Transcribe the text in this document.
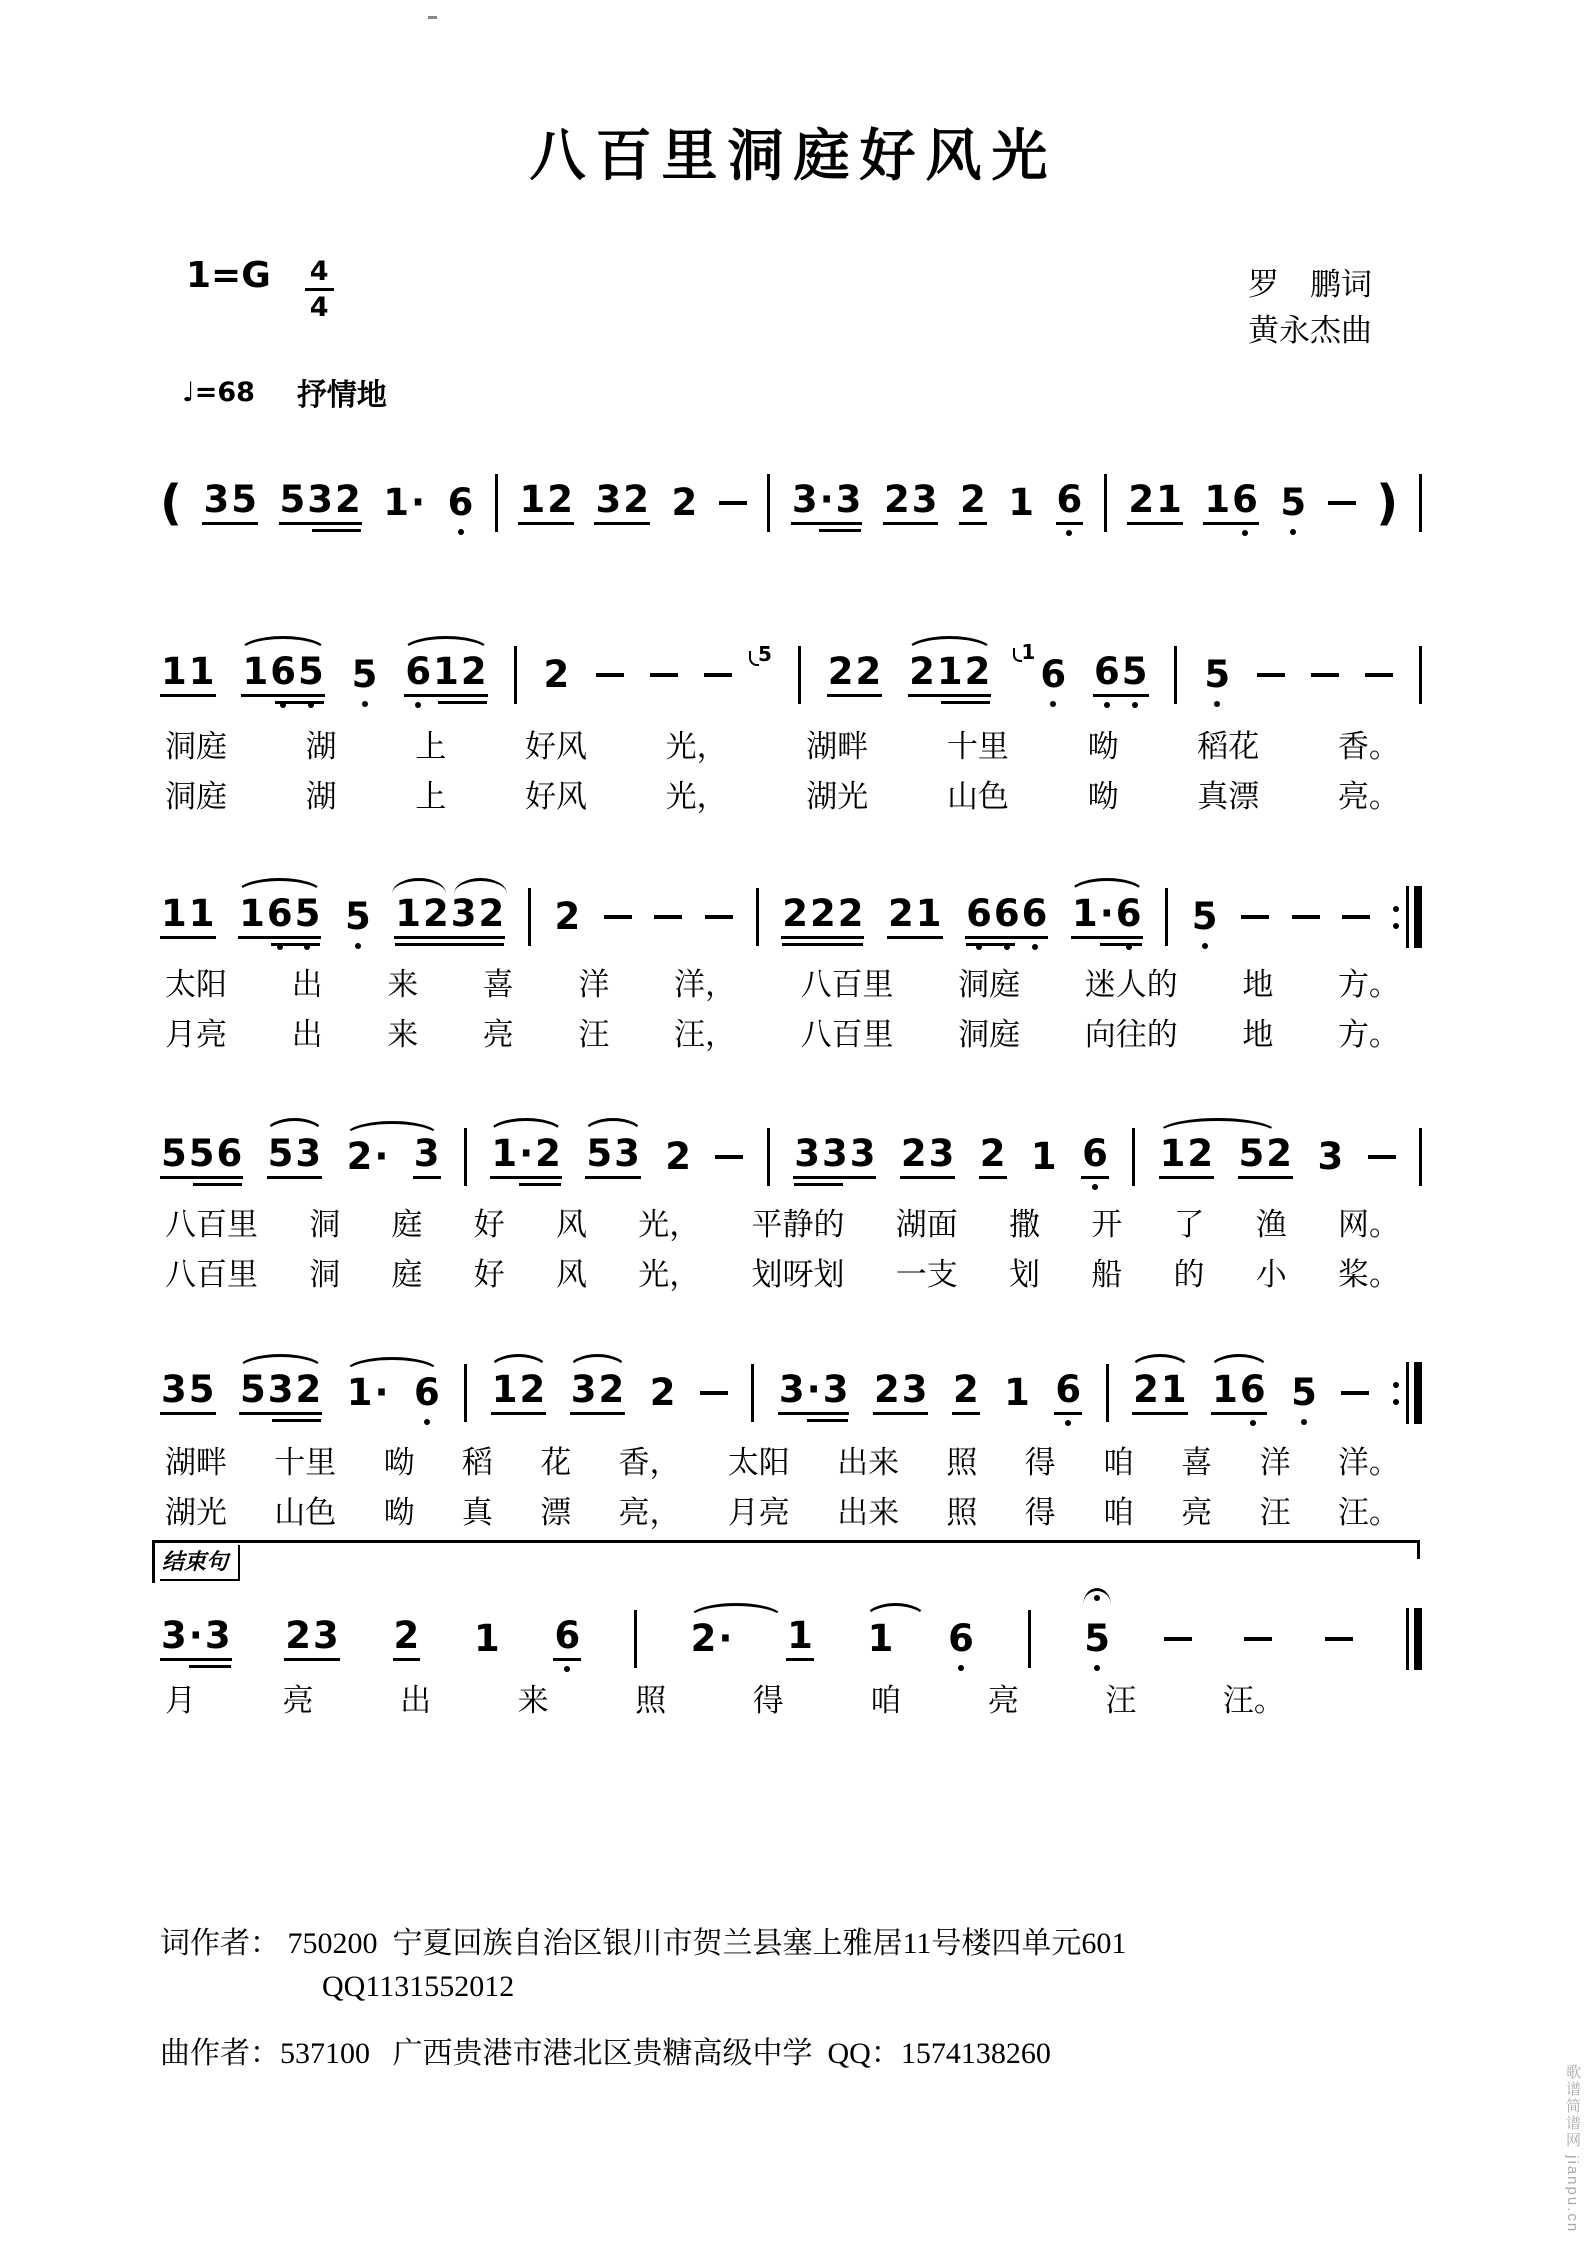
八百里洞庭好风光
$1=G \frac{4}{4}$	罗　鹏词
黄永杰曲
♩=68 抒情地
( 3 5 5 3 2 1 · 6 1 2 3 2 2	3 · 3 2 3 2 1 6 2 1 1 6 5 )
1 1 1 6 5 5 6 1 2 2	5 2 2 2 1 2 1
6 6 5 5
洞庭	湖	上	好风	光，	湖畔	十里	呦	稻花	香。
洞庭	湖	上	好风	光，	湖光	山色	呦	真漂	亮。
1 1 1 6 5 5 1 2 3 2 2	2 2 2 2 1 6 6 6 1 · 6 5
太阳 出 来 喜 洋 洋， 八百里 洞庭 迷人的 地 方。
月亮 出 来 亮 汪 汪， 八百里 洞庭 向往的 地 方。
5 5 6 5 3 2 · 3 1 · 2 5 3 2	3 3 3 2 3 2 1 6 1 2 5 2 3
八百里 洞 庭 好 风 光， 平静的 湖面 撒 开 了 渔 网。
八百里 洞 庭 好 风 光， 划呀划 一支 划 船 的 小 桨。
3 5 5 3 2 1 · 6 1 2 3 2 2	3 · 3 2 3 2 1 6 2 1 1 6 5
湖畔 十里 呦 稻 花 香， 太阳 出来 照 得 咱 喜 洋 洋。
湖光 山色 呦 真 漂 亮， 月亮 出来 照 得 咱 亮 汪 汪。
结束句
3 · 3 2 3 2 1 6	2 · 1 1 6	5
月	亮	出	来	照	得	咱	亮	汪	汪。
词作者： 750200  宁夏回族自治区银川市贺兰县塞上雅居11号楼四单元601
QQ1131552012
曲作者：537100   广西贵港市港北区贵糖高级中学  QQ：1574138260
歌谱简谱网 jianpu.cn
